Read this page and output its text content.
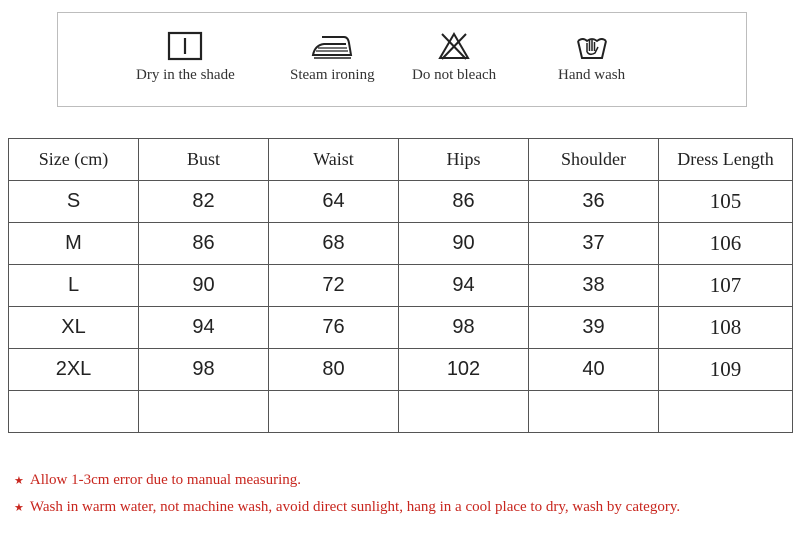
Dry in the shade	Steam ironing Do not bleach	Hand wash
Size (cm)	Bust	Waist	Hips	Shoulder	Dress Length
S	82	64	86	36	105
M	86	68	90	37	106
L	90	72	94	38	107
XL	94	76	98	39	108
2XL	98	80	102	40	109

★ Allow 1-3cm error due to manual measuring.
★ Wash in warm water, not machine wash, avoid direct sunlight, hang in a cool place to dry, wash by category.
